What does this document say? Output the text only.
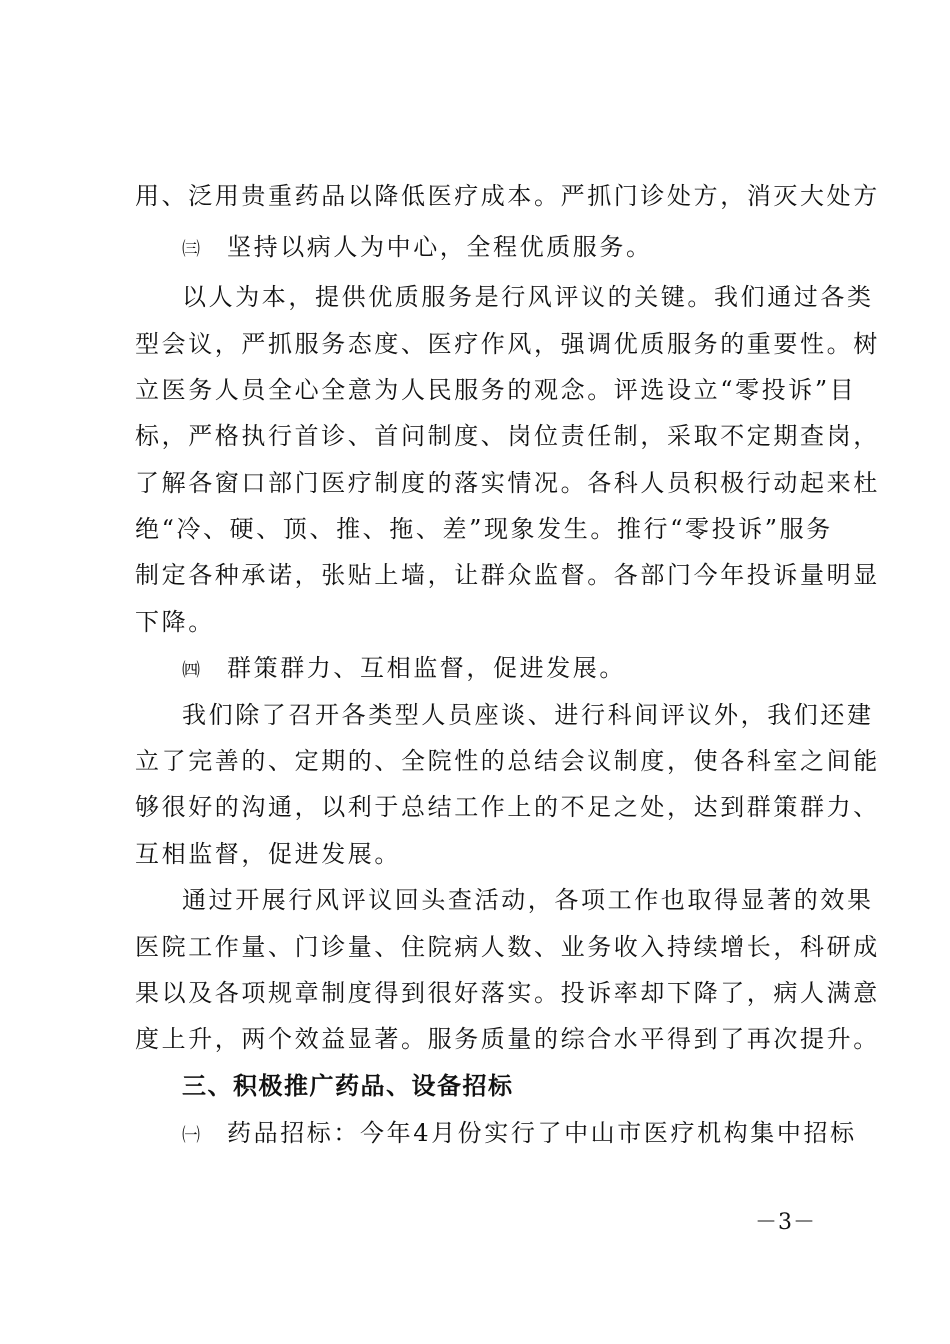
用、泛用贵重药品以降低医疗成本。严抓门诊处方，消灭大处方
㈢ 坚持以病人为中心，全程优质服务。
以人为本，提供优质服务是行风评议的关键。我们通过各类
型会议，严抓服务态度、医疗作风，强调优质服务的重要性。树
立医务人员全心全意为人民服务的观念。评选设立“零投诉”目
标，严格执行首诊、首问制度、岗位责任制，采取不定期查岗，
了解各窗口部门医疗制度的落实情况。各科人员积极行动起来杜
绝“冷、硬、顶、推、拖、差”现象发生。推行“零投诉”服务
制定各种承诺，张贴上墙，让群众监督。各部门今年投诉量明显
下降。
㈣ 群策群力、互相监督，促进发展。
我们除了召开各类型人员座谈、进行科间评议外，我们还建
立了完善的、定期的、全院性的总结会议制度，使各科室之间能
够很好的沟通，以利于总结工作上的不足之处，达到群策群力、
互相监督，促进发展。
通过开展行风评议回头查活动，各项工作也取得显著的效果
医院工作量、门诊量、住院病人数、业务收入持续增长，科研成
果以及各项规章制度得到很好落实。投诉率却下降了，病人满意
度上升，两个效益显著。服务质量的综合水平得到了再次提升。
三、积极推广药品、设备招标
㈠ 药品招标：今年4月份实行了中山市医疗机构集中招标
－3－
